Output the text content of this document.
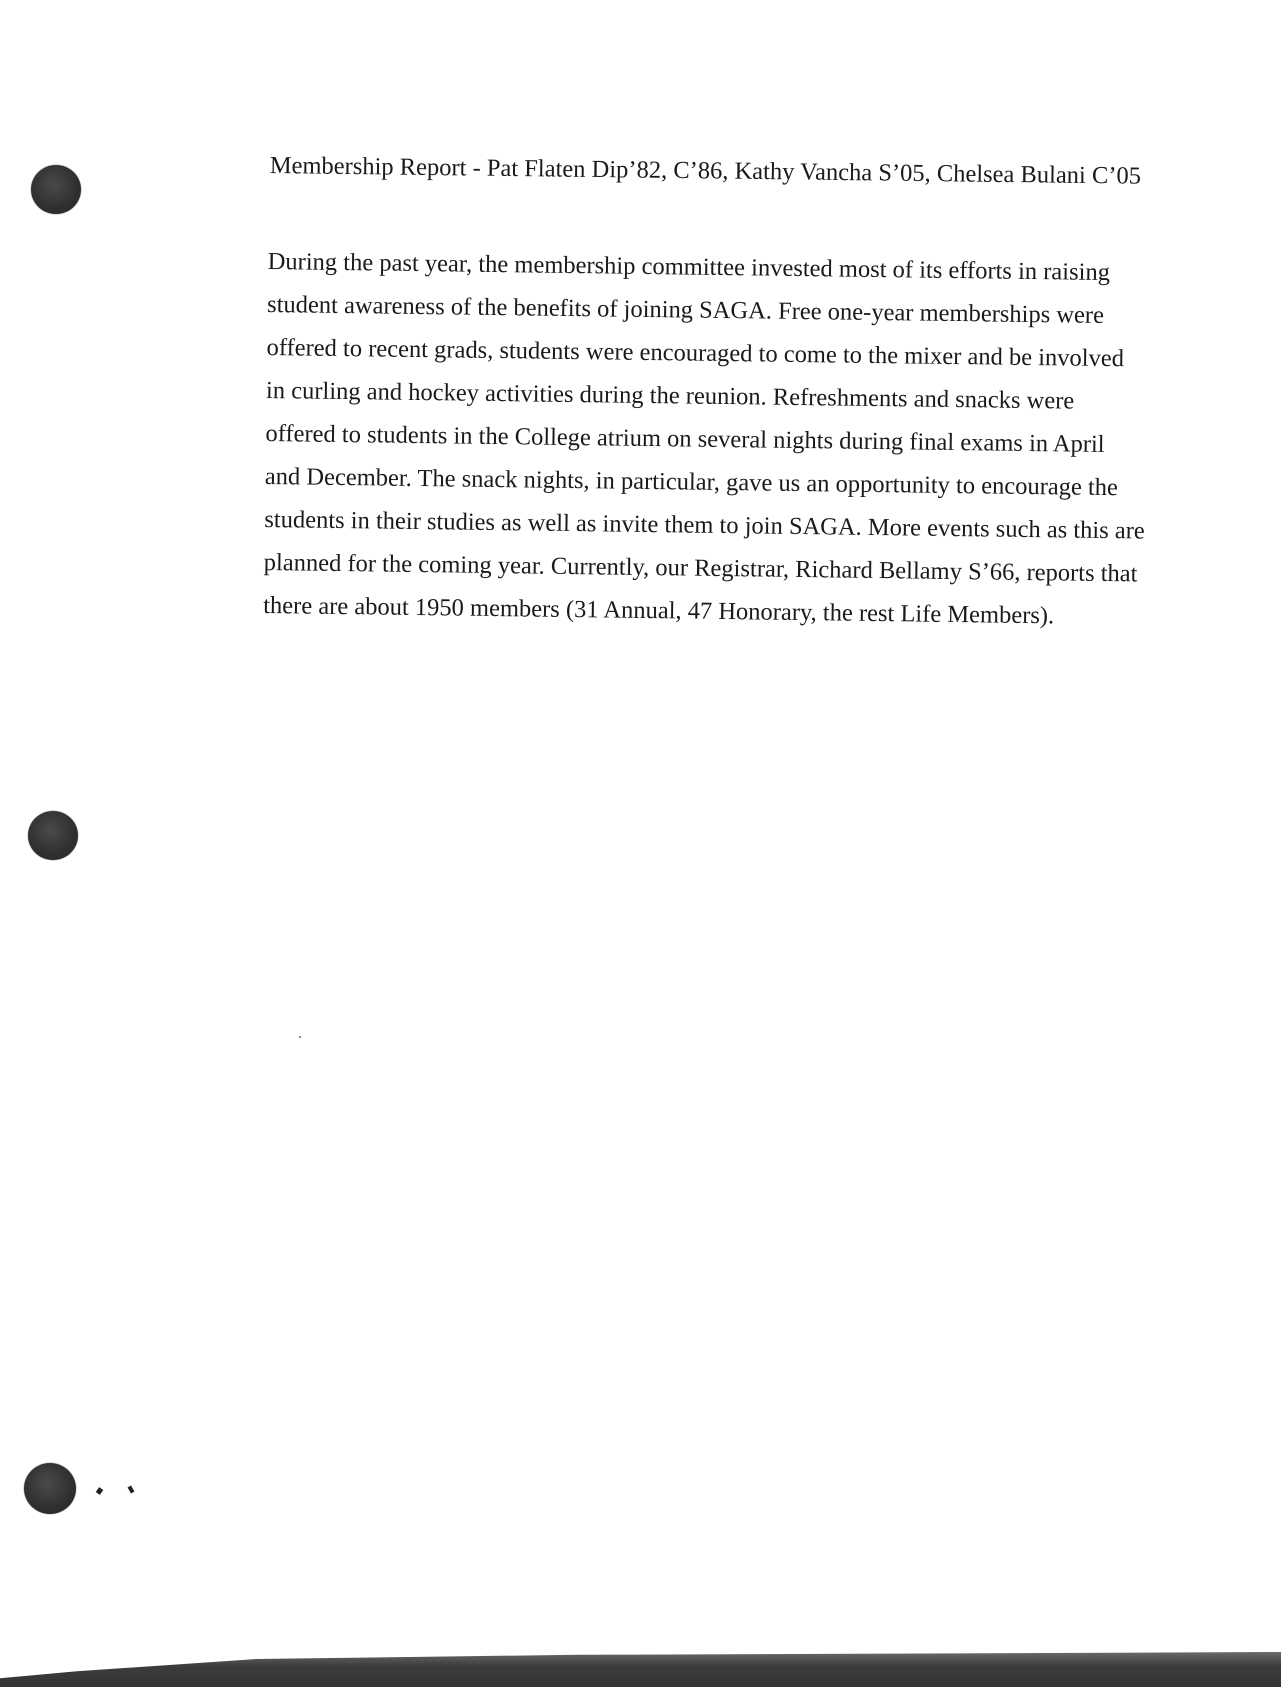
Membership Report - Pat Flaten Dip’82, C’86, Kathy Vancha S’05, Chelsea Bulani C’05
During the past year, the membership committee invested most of its efforts in raising
student awareness of the benefits of joining SAGA. Free one-year memberships were
offered to recent grads, students were encouraged to come to the mixer and be involved
in curling and hockey activities during the reunion. Refreshments and snacks were
offered to students in the College atrium on several nights during final exams in April
and December. The snack nights, in particular, gave us an opportunity to encourage the
students in their studies as well as invite them to join SAGA. More events such as this are
planned for the coming year. Currently, our Registrar, Richard Bellamy S’66, reports that
there are about 1950 members (31 Annual, 47 Honorary, the rest Life Members).
